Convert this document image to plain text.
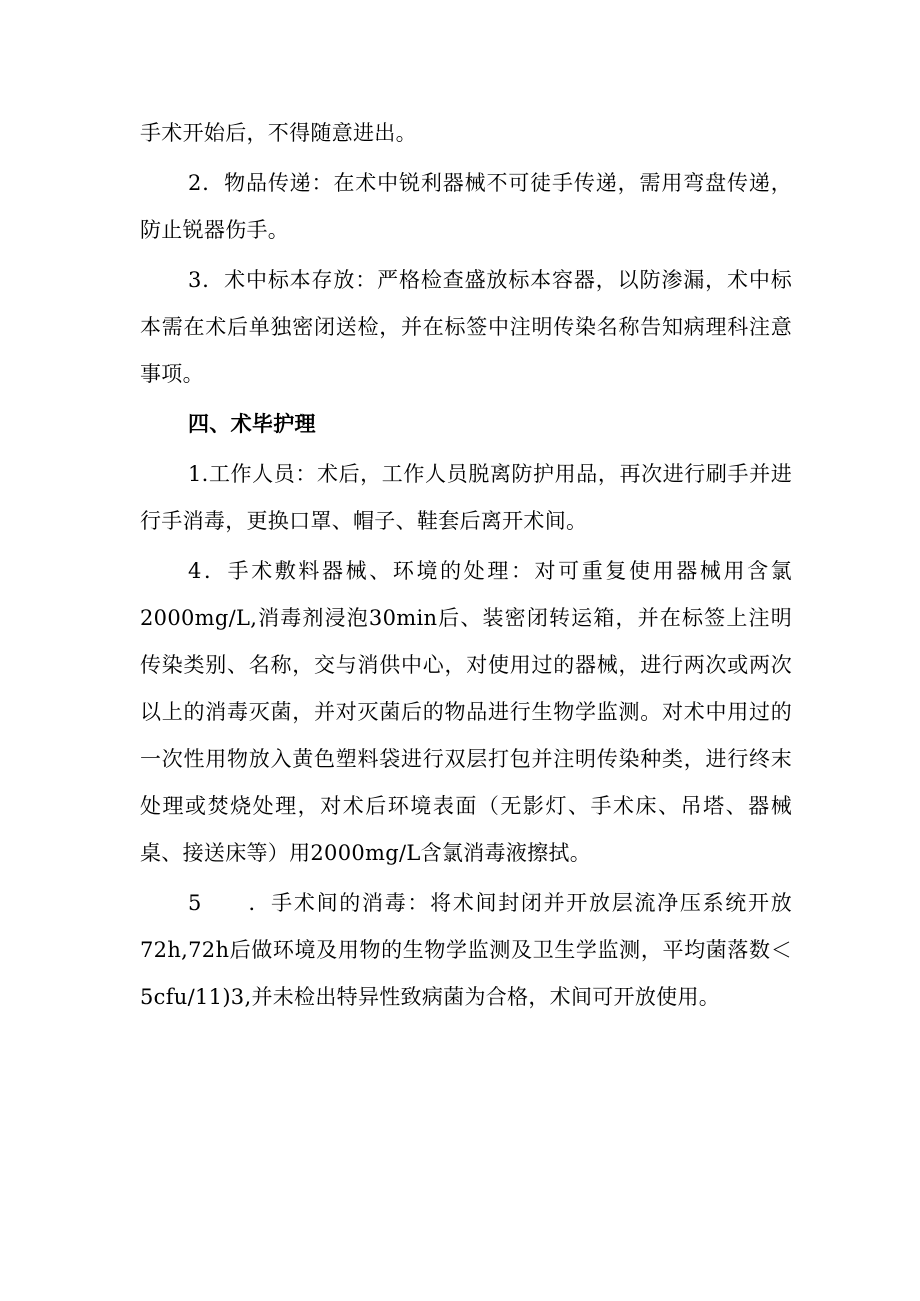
手术开始后，不得随意进出。

2．物品传递：在术中锐利器械不可徒手传递，需用弯盘传递，防止锐器伤手。

3．术中标本存放：严格检查盛放标本容器，以防渗漏，术中标本需在术后单独密闭送检，并在标签中注明传染名称告知病理科注意事项。

四、术毕护理

1.工作人员：术后，工作人员脱离防护用品，再次进行刷手并进行手消毒，更换口罩、帽子、鞋套后离开术间。

4．手术敷料器械、环境的处理：对可重复使用器械用含氯2000mg∕L,消毒剂浸泡30min后、装密闭转运箱，并在标签上注明传染类别、名称，交与消供中心，对使用过的器械，进行两次或两次以上的消毒灭菌，并对灭菌后的物品进行生物学监测。对术中用过的一次性用物放入黄色塑料袋进行双层打包并注明传染种类，进行终末处理或焚烧处理，对术后环境表面（无影灯、手术床、吊塔、器械桌、接送床等）用2000mg∕L含氯消毒液擦拭。

5　　．手术间的消毒：将术间封闭并开放层流净压系统开放72h,72h后做环境及用物的生物学监测及卫生学监测，平均菌落数＜5cfu∕11)3,并未检出特异性致病菌为合格，术间可开放使用。
